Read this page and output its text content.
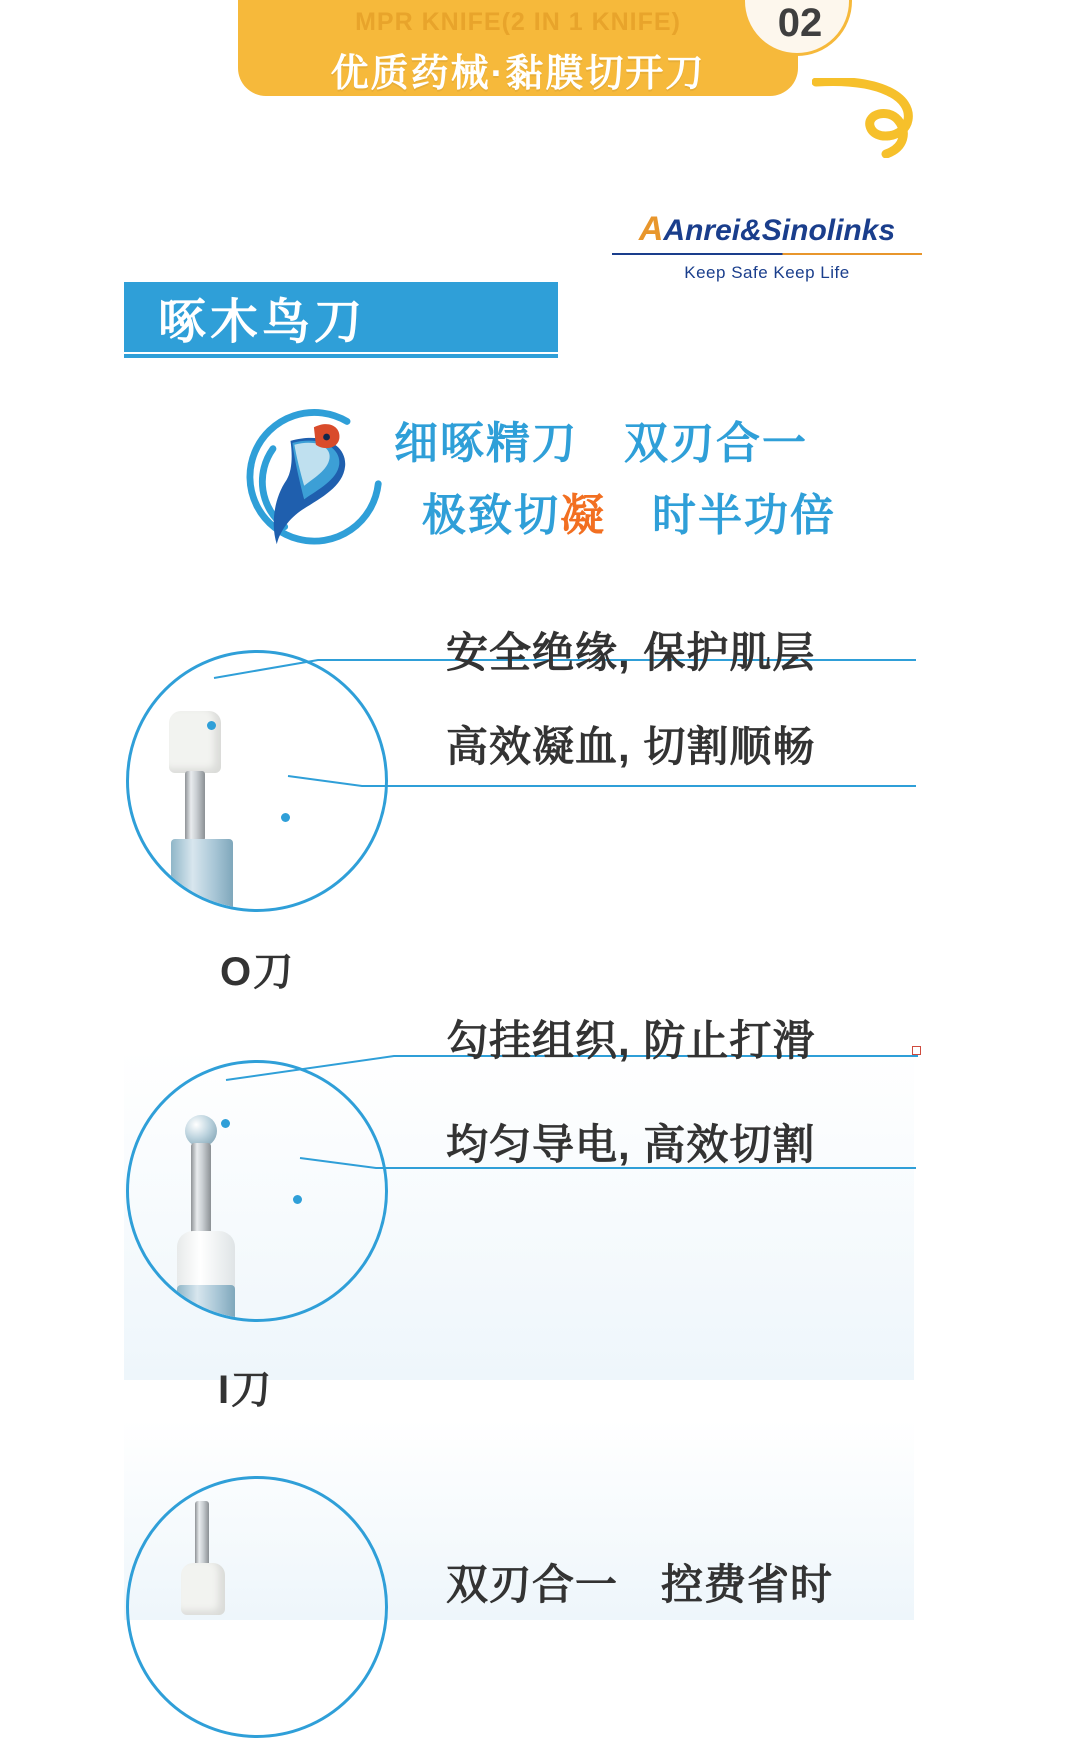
MPR KNIFE(2 IN 1 KNIFE)
优质药械·黏膜切开刀
02
AAnrei&Sinolinks
Keep Safe Keep Life
啄木鸟刀
细啄精刀　双刃合一
极致切凝　时半功倍
安全绝缘, 保护肌层
高效凝血, 切割顺畅
O刀
勾挂组织, 防止打滑
均匀导电, 高效切割
I刀
双刃合一　控费省时
